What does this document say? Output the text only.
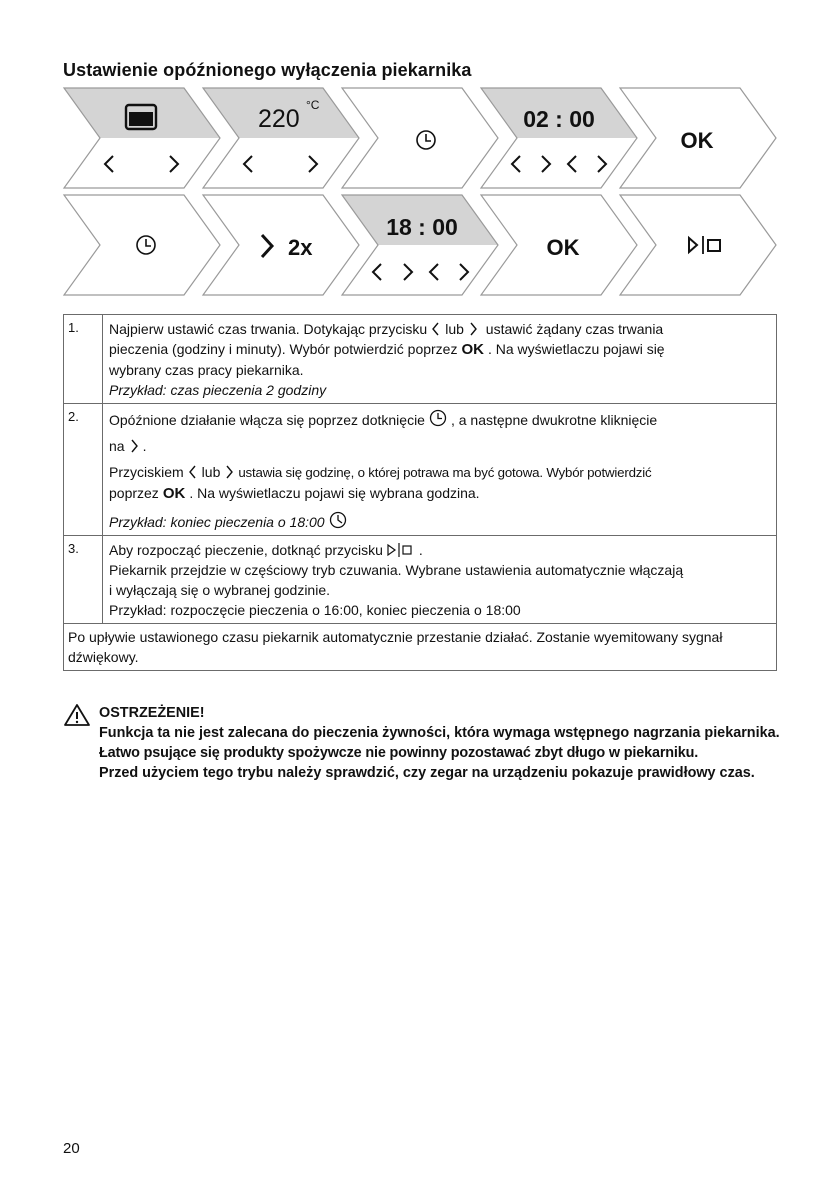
Ustawienie opóźnionego wyłączenia piekarnika
220 °C
02 : 00
OK
2x
18 : 00
OK
1.	Najpierw ustawić czas trwania. Dotykając przycisku lub ustawić żądany czas trwania

pieczenia (godziny i minuty). Wybór potwierdzić poprzez OK . Na wyświetlaczu pojawi się

wybrany czas pracy piekarnika.

Przykład: czas pieczenia 2 godziny

2.	Opóźnione działanie włącza się poprzez dotknięcie , a następne dwukrotne kliknięcie

na .

Przyciskiem lub ustawia się godzinę, o której potrawa ma być gotowa. Wybór potwierdzić

poprzez OK . Na wyświetlaczu pojawi się wybrana godzina.

Przykład: koniec pieczenia o 18:00

3.	Aby rozpocząć pieczenie, dotknąć przycisku .

Piekarnik przejdzie w częściowy tryb czuwania. Wybrane ustawienia automatycznie włączają

i wyłączają się o wybranej godzinie.

Przykład: rozpoczęcie pieczenia o 16:00, koniec pieczenia o 18:00

Po upływie ustawionego czasu piekarnik automatycznie przestanie działać. Zostanie wyemitowany sygnał dźwiękowy.	

OSTRZEŻENIE!

Funkcja ta nie jest zalecana do pieczenia żywności, która wymaga wstępnego nagrzania piekarnika.

Łatwo psujące się produkty spożywcze nie powinny pozostawać zbyt długo w piekarniku.

Przed użyciem tego trybu należy sprawdzić, czy zegar na urządzeniu pokazuje prawidłowy czas.

20
